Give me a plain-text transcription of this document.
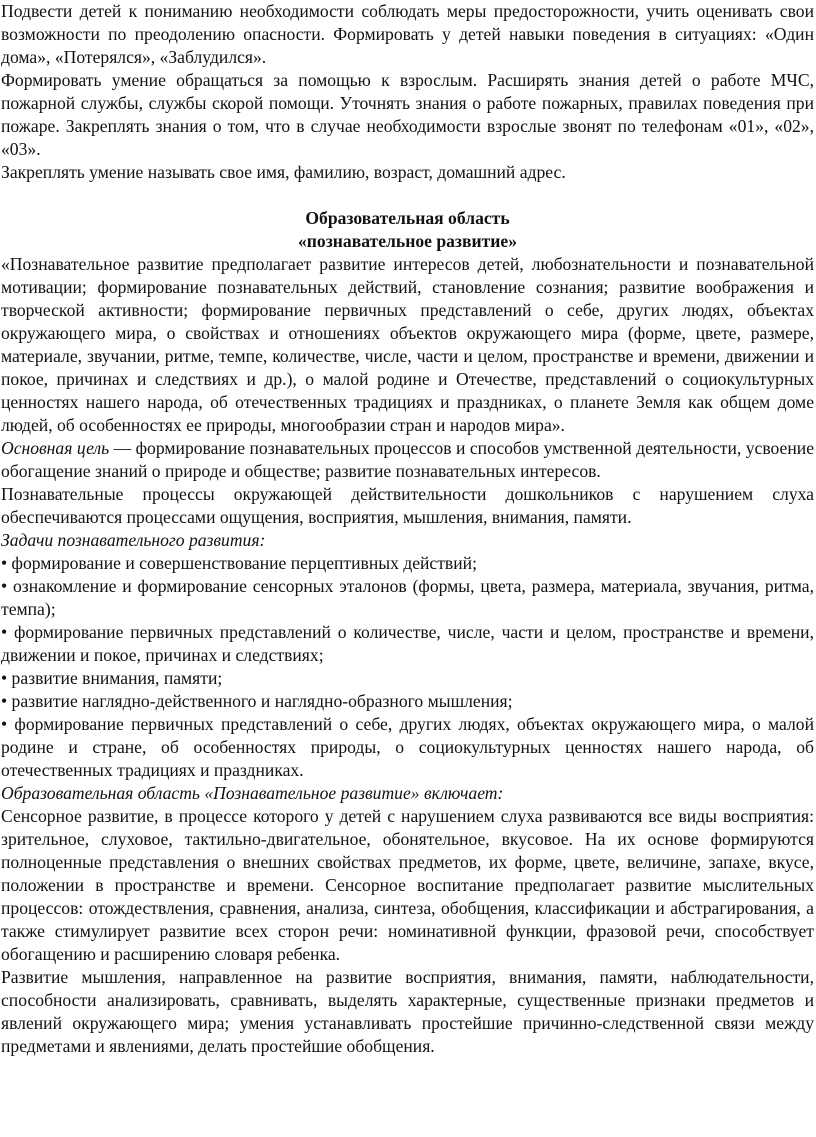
Подвести детей к пониманию необходимости соблюдать меры предосторожности, учить оценивать свои возможности по преодолению опасности. Формировать у детей навыки поведения в ситуациях: «Один дома», «Потерялся», «Заблудился».

Формировать умение обращаться за помощью к взрослым. Расширять знания детей о работе МЧС, пожарной службы, службы скорой помощи. Уточнять знания о работе пожарных, правилах поведения при пожаре. Закреплять знания о том, что в случае необходимости взрослые звонят по телефонам «01», «02», «03».

Закреплять умение называть свое имя, фамилию, возраст, домашний адрес.

Образовательная область

«познавательное развитие»

«Познавательное развитие предполагает развитие интересов детей, любознательности и познавательной мотивации; формирование познавательных действий, становление сознания; развитие воображения и творческой активности; формирование первичных представлений о себе, других людях, объектах окружающего мира, о свойствах и отношениях объектов окружающего мира (форме, цвете, размере, материале, звучании, ритме, темпе, количестве, числе, части и целом, пространстве и времени, движении и покое, причинах и следствиях и др.), о малой родине и Отечестве, представлений о социокультурных ценностях нашего народа, об отечественных традициях и праздниках, о планете Земля как общем доме людей, об особенностях ее природы, многообразии стран и народов мира».

Основная цель — формирование познавательных процессов и способов умственной деятельности, усвоение обогащение знаний о природе и обществе; развитие познавательных интересов.

Познавательные процессы окружающей действительности дошкольников с нарушением слуха обеспечиваются процессами ощущения, восприятия, мышления, внимания, памяти.

Задачи познавательного развития:

• формирование и совершенствование перцептивных действий;
• ознакомление и формирование сенсорных эталонов (формы, цвета, размера, материала, звучания, ритма, темпа);
• формирование первичных представлений о количестве, числе, части и целом, пространстве и времени, движении и покое, причинах и следствиях;
• развитие внимания, памяти;
• развитие наглядно-действенного и наглядно-образного мышления;
• формирование первичных представлений о себе, других людях, объектах окружающего мира, о малой родине и стране, об особенностях природы, о социокультурных ценностях нашего народа, об отечественных традициях и праздниках.

Образовательная область «Познавательное развитие» включает:

Сенсорное развитие, в процессе которого у детей с нарушением слуха развиваются все виды восприятия: зрительное, слуховое, тактильно-двигательное, обонятельное, вкусовое. На их основе формируются полноценные представления о внешних свойствах предметов, их форме, цвете, величине, запахе, вкусе, положении в пространстве и времени. Сенсорное воспитание предполагает развитие мыслительных процессов: отождествления, сравнения, анализа, синтеза, обобщения, классификации и абстрагирования, а также стимулирует развитие всех сторон речи: номинативной функции, фразовой речи, способствует обогащению и расширению словаря ребенка.

Развитие мышления, направленное на развитие восприятия, внимания, памяти, наблюдательности, способности анализировать, сравнивать, выделять характерные, существенные признаки предметов и явлений окружающего мира; умения устанавливать простейшие причинно-следственной связи между предметами и явлениями, делать простейшие обобщения.
